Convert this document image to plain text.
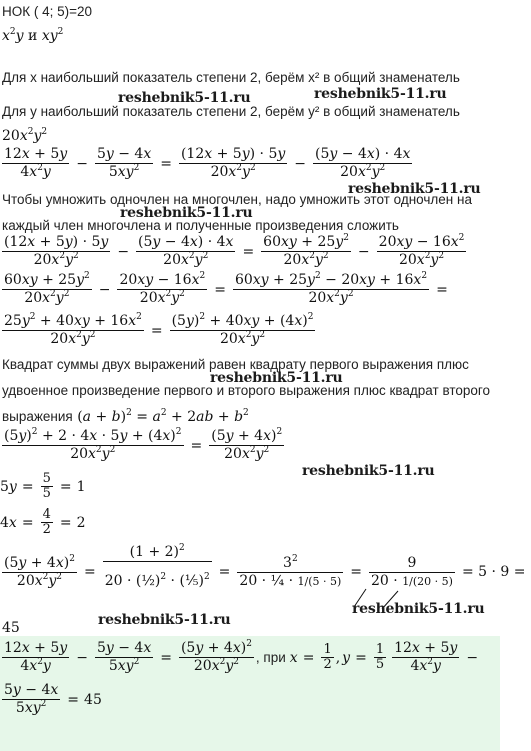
НОК ( 4; 5)=20
$x^2y$ и $xy^2$
Для x наибольший показатель степени 2, берём x² в общий знаменатель
reshebnik5-11.ru	reshebnik5-11.ru
Для y наибольший показатель степени 2, берём y² в общий знаменатель
$20x^2y^2$
$\frac{12x + 5y}{4x^2y} - \frac{5y - 4x}{5xy^2} = \frac{(12x + 5y) \cdot 5y}{20x^2y^2} - \frac{(5y - 4x) \cdot 4x}{20x^2y^2}$
reshebnik5-11.ru
Чтобы умножить одночлен на многочлен, надо умножить этот одночлен на
reshebnik5-11.ru
каждый член многочлена и полученные произведения сложить
$\frac{(12x + 5y) \cdot 5y}{20x^2y^2} - \frac{(5y - 4x) \cdot 4x}{20x^2y^2} = \frac{60xy + 25y^2}{20x^2y^2} - \frac{20xy - 16x^2}{20x^2y^2}$
$\frac{60xy + 25y^2}{20x^2y^2} - \frac{20xy - 16x^2}{20x^2y^2} = \frac{60xy + 25y^2 - 20xy + 16x^2}{20x^2y^2}$ =
$\frac{25y^2 + 40xy + 16x^2}{20x^2y^2} = \frac{(5y)^2 + 40xy + (4x)^2}{20x^2y^2}$
Квадрат суммы двух выражений равен квадрату первого выражения плюс
reshebnik5-11.ru
удвоенное произведение первого и второго выражения плюс квадрат второго
выражения $(a + b)^2 = a^2 + 2ab + b^2$
$\frac{(5y)^2 + 2 \cdot 4x \cdot 5y + (4x)^2}{20x^2y^2} = \frac{(5y + 4x)^2}{20x^2y^2}$
reshebnik5-11.ru
$5y = \frac{5}{5} = 1$
$4x = \frac{4}{2} = 2$
$\frac{(5y + 4x)^2}{20x^2y^2} = \frac{(1 + 2)^2}{20 \cdot (\frac{1}{2})^2 \cdot (\frac{1}{5})^2} = \frac{3^2}{\text{20 · ¼ · 1/(5 · 5)}} = \frac{9}{20 \cdot 1/(20 \cdot 5)} = 5 \cdot 9$ =
reshebnik5-11.ru
reshebnik5-11.ru
45
$\frac{12x + 5y}{4x^2y} - \frac{5y - 4x}{5xy^2} = \frac{(5y + 4x)^2}{20x^2y^2}$ , при $x = \frac{1}{2}$ , $y = \frac{1}{5} \frac{12x + 5y}{4x^2y}$ −
$\frac{5y - 4x}{5xy^2} = 45$
